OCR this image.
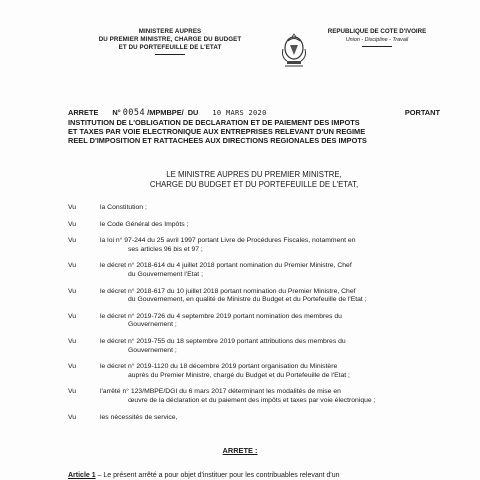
MINISTERE AUPRES
DU PREMIER MINISTRE, CHARGE DU BUDGET
ET DU PORTEFEUILLE DE L'ETAT
REPUBLIQUE DE COTE D'IVOIRE
Union - Discipline - Travail
ARRETE N° 0054 /MPMBPE/ DU 10 MARS 2020	PORTANT
INSTITUTION DE L'OBLIGATION DE DECLARATION ET DE PAIEMENT DES IMPOTS
ET TAXES PAR VOIE ELECTRONIQUE AUX ENTREPRISES RELEVANT D'UN REGIME
REEL D'IMPOSITION ET RATTACHEES AUX DIRECTIONS REGIONALES DES IMPOTS
LE MINISTRE AUPRES DU PREMIER MINISTRE,
CHARGE DU BUDGET ET DU PORTEFEUILLE DE L'ETAT,
Vu	la Constitution ;
Vu	le Code Général des Impôts ;
Vu	la loi n° 97-244 du 25 avril 1997 portant Livre de Procédures Fiscales, notamment en
ses articles 96 bis et 97 ;
Vu	le décret n° 2018-614 du 4 juillet 2018 portant nomination du Premier Ministre, Chef
du Gouvernement l'Etat ;
Vu	le décret n° 2018-617 du 10 juillet 2018 portant nomination du Premier Ministre, Chef
du Gouvernement, en qualité de Ministre du Budget et du Portefeuille de l'Etat ;
Vu	le décret n° 2019-726 du 4 septembre 2019 portant nomination des membres du
Gouvernement ;
Vu	le décret n° 2019-755 du 18 septembre 2019 portant attributions des membres du
Gouvernement ;
Vu	le décret n° 2019-1120 du 18 décembre 2019 portant organisation du Ministère
auprès du Premier Ministre, chargé du Budget et du Portefeuille de l'Etat ;
Vu	l'arrêté n° 123/MBPE/DGI du 6 mars 2017 déterminant les modalités de mise en
œuvre de la déclaration et du paiement des impôts et taxes par voie électronique ;
Vu	les nécessités de service,
ARRETE :
Article 1 – Le présent arrêté a pour objet d'instituer pour les contribuables relevant d'un
